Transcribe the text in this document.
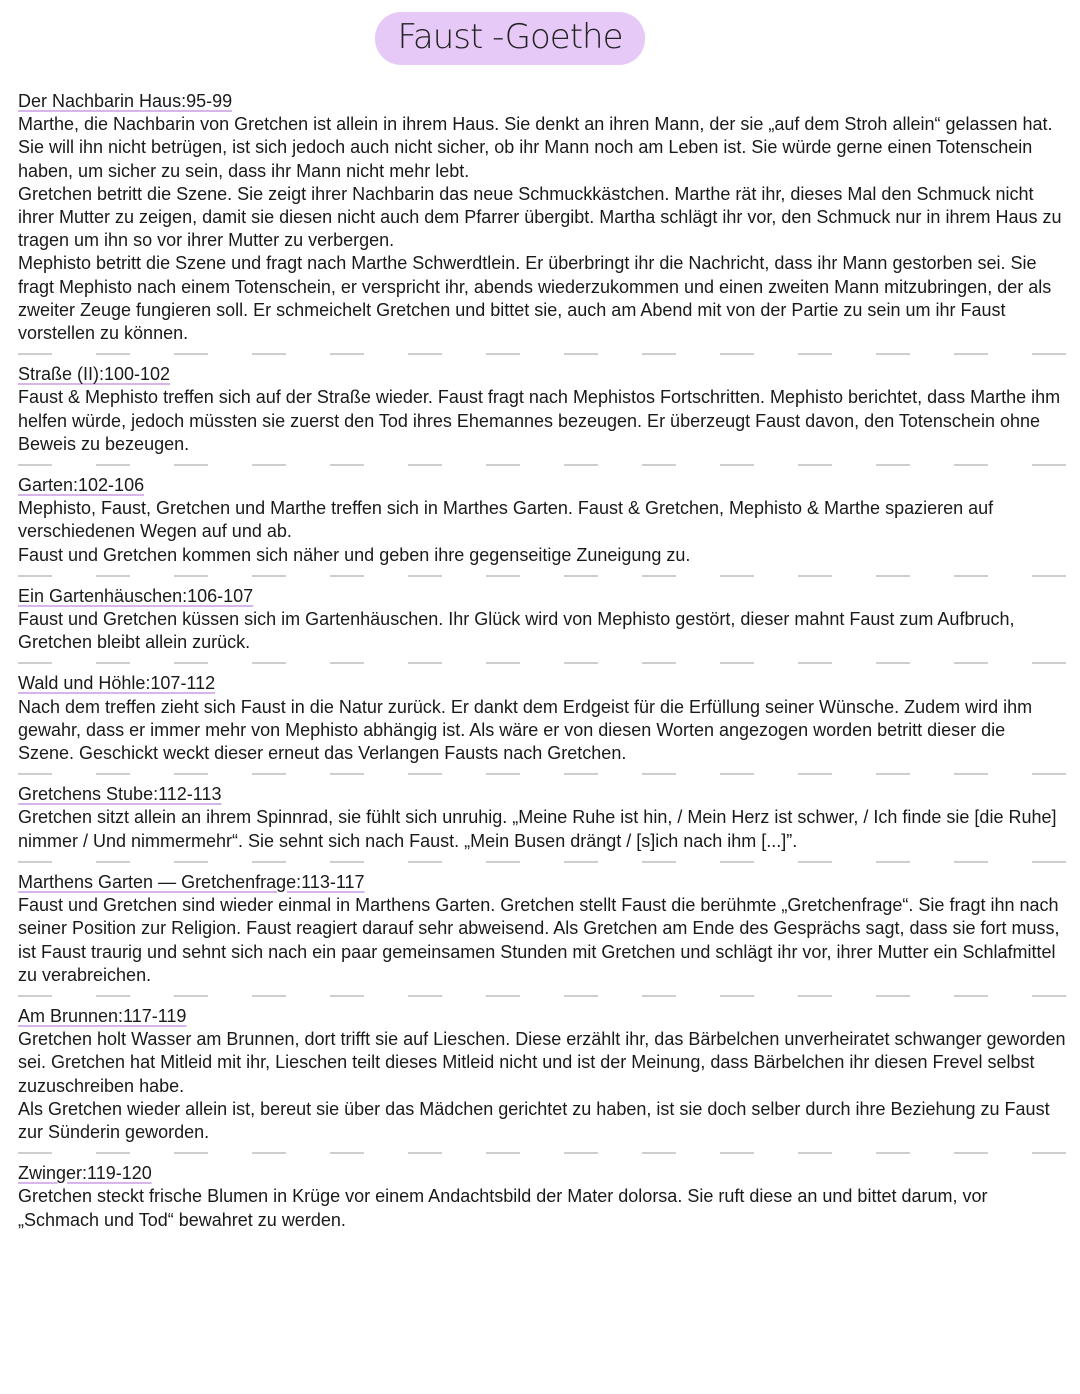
Faust -Goethe
Der Nachbarin Haus:95-99

Marthe, die Nachbarin von Gretchen ist allein in ihrem Haus. Sie denkt an ihren Mann, der sie „auf dem Stroh allein“ gelassen hat. Sie will ihn nicht betrügen, ist sich jedoch auch nicht sicher, ob ihr Mann noch am Leben ist. Sie würde gerne einen Totenschein haben, um sicher zu sein, dass ihr Mann nicht mehr lebt.

Gretchen betritt die Szene. Sie zeigt ihrer Nachbarin das neue Schmuckkästchen. Marthe rät ihr, dieses Mal den Schmuck nicht ihrer Mutter zu zeigen, damit sie diesen nicht auch dem Pfarrer übergibt. Martha schlägt ihr vor, den Schmuck nur in ihrem Haus zu tragen um ihn so vor ihrer Mutter zu verbergen.

Mephisto betritt die Szene und fragt nach Marthe Schwerdtlein. Er überbringt ihr die Nachricht, dass ihr Mann gestorben sei. Sie fragt Mephisto nach einem Totenschein, er verspricht ihr, abends wiederzukommen und einen zweiten Mann mitzubringen, der als zweiter Zeuge fungieren soll. Er schmeichelt Gretchen und bittet sie, auch am Abend mit von der Partie zu sein um ihr Faust vorstellen zu können.

Straße (II):100-102

Faust & Mephisto treffen sich auf der Straße wieder. Faust fragt nach Mephistos Fortschritten. Mephisto berichtet, dass Marthe ihm helfen würde, jedoch müssten sie zuerst den Tod ihres Ehemannes bezeugen. Er überzeugt Faust davon, den Totenschein ohne Beweis zu bezeugen.

Garten:102-106

Mephisto, Faust, Gretchen und Marthe treffen sich in Marthes Garten. Faust & Gretchen, Mephisto & Marthe spazieren auf verschiedenen Wegen auf und ab.

Faust und Gretchen kommen sich näher und geben ihre gegenseitige Zuneigung zu.

Ein Gartenhäuschen:106-107

Faust und Gretchen küssen sich im Gartenhäuschen. Ihr Glück wird von Mephisto gestört, dieser mahnt Faust zum Aufbruch, Gretchen bleibt allein zurück.

Wald und Höhle:107-112

Nach dem treffen zieht sich Faust in die Natur zurück. Er dankt dem Erdgeist für die Erfüllung seiner Wünsche. Zudem wird ihm gewahr, dass er immer mehr von Mephisto abhängig ist. Als wäre er von diesen Worten angezogen worden betritt dieser die Szene. Geschickt weckt dieser erneut das Verlangen Fausts nach Gretchen.

Gretchens Stube:112-113

Gretchen sitzt allein an ihrem Spinnrad, sie fühlt sich unruhig. „Meine Ruhe ist hin, / Mein Herz ist schwer, / Ich finde sie [die Ruhe] nimmer / Und nimmermehr“. Sie sehnt sich nach Faust. „Mein Busen drängt / [s]ich nach ihm [...]”.

Marthens Garten — Gretchenfrage:113-117

Faust und Gretchen sind wieder einmal in Marthens Garten. Gretchen stellt Faust die berühmte „Gretchenfrage“. Sie fragt ihn nach seiner Position zur Religion. Faust reagiert darauf sehr abweisend. Als Gretchen am Ende des Gesprächs sagt, dass sie fort muss, ist Faust traurig und sehnt sich nach ein paar gemeinsamen Stunden mit Gretchen und schlägt ihr vor, ihrer Mutter ein Schlafmittel zu verabreichen.

Am Brunnen:117-119

Gretchen holt Wasser am Brunnen, dort trifft sie auf Lieschen. Diese erzählt ihr, das Bärbelchen unverheiratet schwanger geworden sei. Gretchen hat Mitleid mit ihr, Lieschen teilt dieses Mitleid nicht und ist der Meinung, dass Bärbelchen ihr diesen Frevel selbst zuzuschreiben habe.

Als Gretchen wieder allein ist, bereut sie über das Mädchen gerichtet zu haben, ist sie doch selber durch ihre Beziehung zu Faust zur Sünderin geworden.

Zwinger:119-120

Gretchen steckt frische Blumen in Krüge vor einem Andachtsbild der Mater dolorsa. Sie ruft diese an und bittet darum, vor „Schmach und Tod“ bewahret zu werden.
